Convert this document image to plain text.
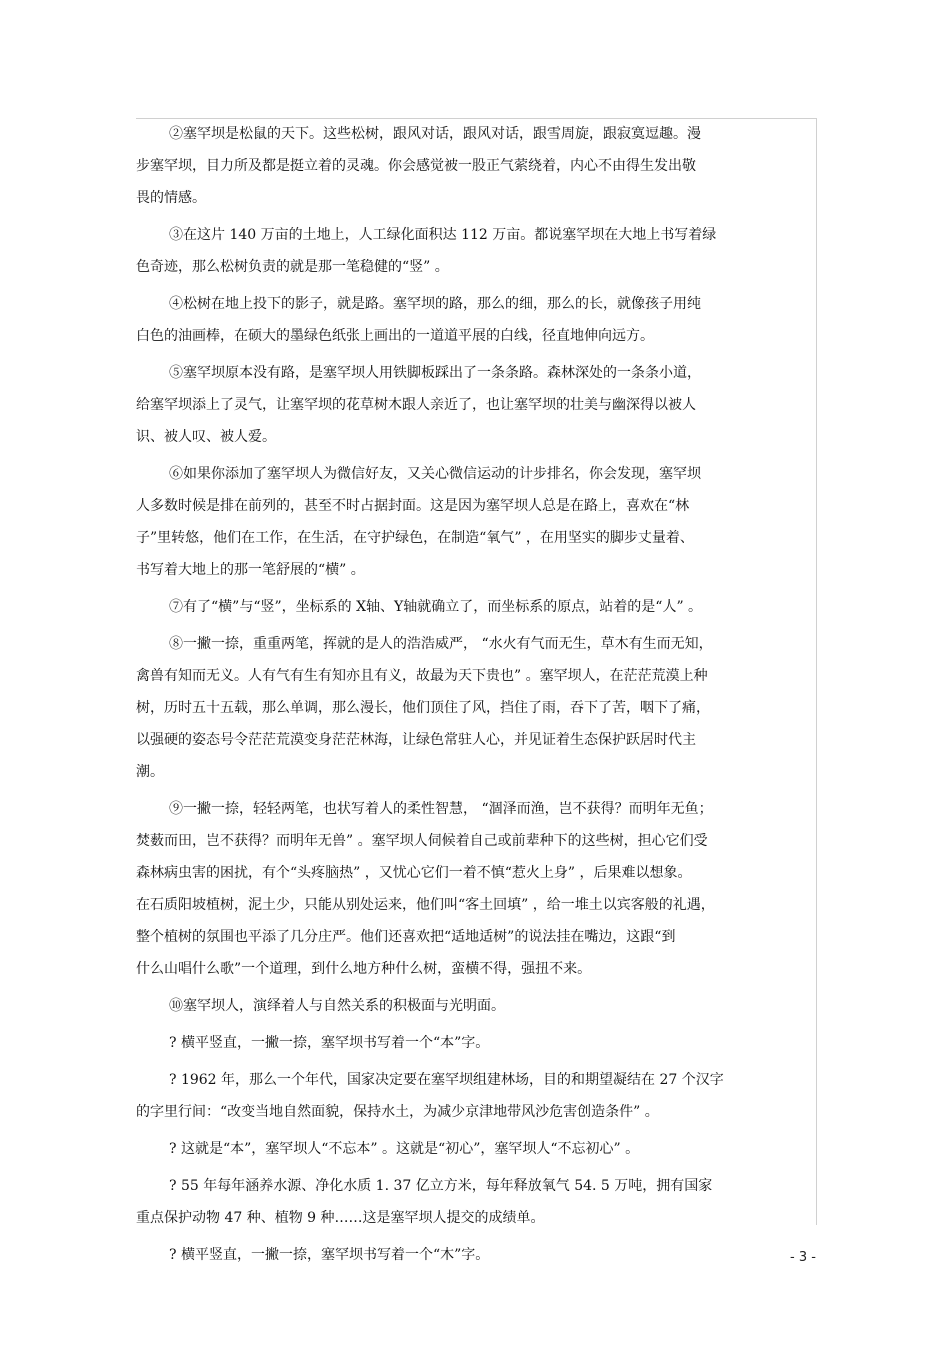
②塞罕坝是松鼠的天下。这些松树，跟风对话，跟风对话，跟雪周旋，跟寂寞逗趣。漫
步塞罕坝，目力所及都是挺立着的灵魂。你会感觉被一股正气萦绕着，内心不由得生发出敬
畏的情感。
③在这片 140 万亩的土地上，人工绿化面积达 112 万亩。都说塞罕坝在大地上书写着绿
色奇迹，那么松树负责的就是那一笔稳健的“竖” 。
④松树在地上投下的影子，就是路。塞罕坝的路，那么的细，那么的长，就像孩子用纯
白色的油画棒，在硕大的墨绿色纸张上画出的一道道平展的白线，径直地伸向远方。
⑤塞罕坝原本没有路，是塞罕坝人用铁脚板踩出了一条条路。森林深处的一条条小道，
给塞罕坝添上了灵气，让塞罕坝的花草树木跟人亲近了，也让塞罕坝的壮美与幽深得以被人
识、被人叹、被人爱。
⑥如果你添加了塞罕坝人为微信好友，又关心微信运动的计步排名，你会发现，塞罕坝
人多数时候是排在前列的，甚至不时占据封面。这是因为塞罕坝人总是在路上，喜欢在“林
子”里转悠，他们在工作，在生活，在守护绿色，在制造“氧气” ，在用坚实的脚步丈量着、
书写着大地上的那一笔舒展的“横” 。
⑦有了“横”与“竖”，坐标系的 X轴、Y轴就确立了，而坐标系的原点，站着的是“人” 。
⑧一撇一捺，重重两笔，挥就的是人的浩浩威严， “水火有气而无生，草木有生而无知，
禽兽有知而无义。人有气有生有知亦且有义，故最为天下贵也” 。塞罕坝人，在茫茫荒漠上种
树，历时五十五载，那么单调，那么漫长，他们顶住了风，挡住了雨，吞下了苦，咽下了痛，
以强硬的姿态号令茫茫荒漠变身茫茫林海，让绿色常驻人心，并见证着生态保护跃居时代主
潮。
⑨一撇一捺，轻轻两笔，也状写着人的柔性智慧， “涸泽而渔，岂不获得？而明年无鱼；
焚薮而田，岂不获得？而明年无兽” 。塞罕坝人伺候着自己或前辈种下的这些树，担心它们受
森林病虫害的困扰，有个“头疼脑热” ，又忧心它们一着不慎“惹火上身” ，后果难以想象。
在石质阳坡植树，泥土少，只能从别处运来，他们叫“客土回填” ，给一堆土以宾客般的礼遇，
整个植树的氛围也平添了几分庄严。他们还喜欢把“适地适树”的说法挂在嘴边，这跟“到
什么山唱什么歌”一个道理，到什么地方种什么树，蛮横不得，强扭不来。
⑩塞罕坝人，演绎着人与自然关系的积极面与光明面。
? 横平竖直，一撇一捺，塞罕坝书写着一个“本”字。
? 1962 年，那么一个年代，国家决定要在塞罕坝组建林场，目的和期望凝结在 27 个汉字
的字里行间：“改变当地自然面貌，保持水土，为减少京津地带风沙危害创造条件” 。
? 这就是“本”，塞罕坝人“不忘本” 。这就是“初心”，塞罕坝人“不忘初心” 。
? 55 年每年涵养水源、净化水质 1. 37 亿立方米，每年释放氧气 54. 5 万吨，拥有国家
重点保护动物 47 种、植物 9 种……这是塞罕坝人提交的成绩单。
? 横平竖直，一撇一捺，塞罕坝书写着一个“木”字。	- 3 -
